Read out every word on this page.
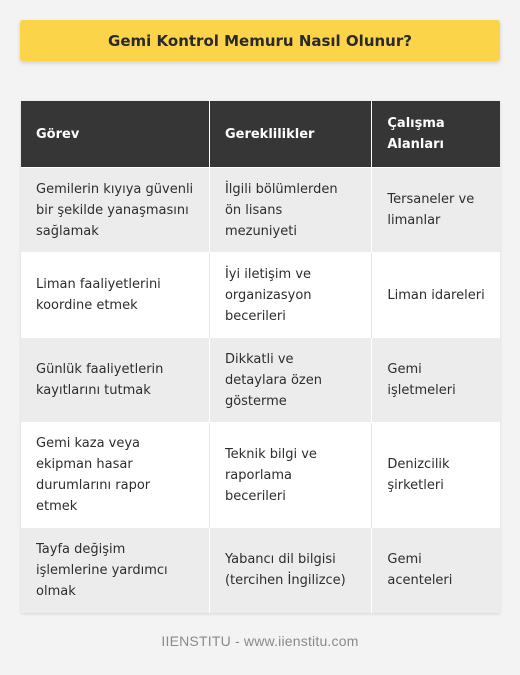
Gemi Kontrol Memuru Nasıl Olunur?
Görev	Gereklilikler	Çalışma Alanları
Gemilerin kıyıya güvenli bir şekilde yanaşmasını sağlamak	İlgili bölümlerden ön lisans mezuniyeti	Tersaneler ve limanlar
Liman faaliyetlerini koordine etmek	İyi iletişim ve organizasyon becerileri	Liman idareleri
Günlük faaliyetlerin kayıtlarını tutmak	Dikkatli ve detaylara özen gösterme	Gemi işletmeleri
Gemi kaza veya ekipman hasar durumlarını rapor etmek	Teknik bilgi ve raporlama becerileri	Denizcilik şirketleri
Tayfa değişim işlemlerine yardımcı olmak	Yabancı dil bilgisi (tercihen İngilizce)	Gemi acenteleri
IIENSTITU - www.iienstitu.com
